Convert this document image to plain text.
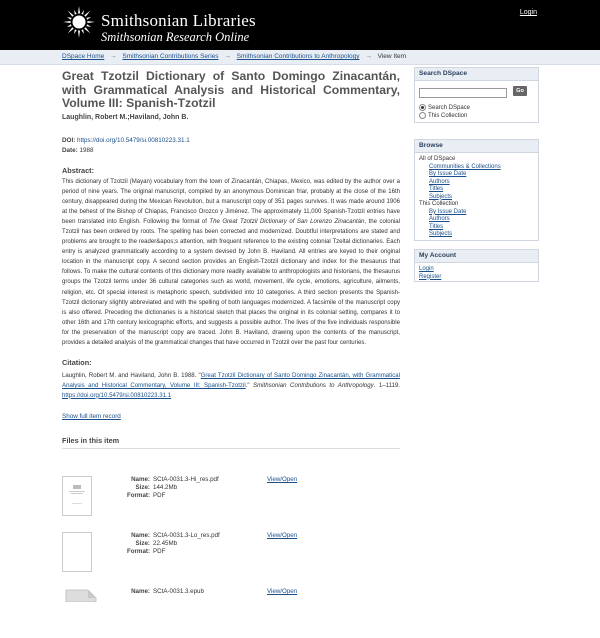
Smithsonian Libraries
Smithsonian Research Online
Login
DSpace Home → Smithsonian Contributions Series → Smithsonian Contributions to Anthropology → View Item
Great Tzotzil Dictionary of Santo Domingo Zinacantán, with Grammatical Analysis and Historical Commentary, Volume III: Spanish-Tzotzil
Laughlin, Robert M.;Haviland, John B.
DOI: https://doi.org/10.5479/si.00810223.31.1
Date: 1988
Abstract:
This dictionary of Tzotzil (Mayan) vocabulary from the town of Zinacantán, Chiapas, Mexico, was edited by the author over a period of nine years. The original manuscript, compiled by an anonymous Dominican friar, probably at the close of the 16th century, disappeared during the Mexican Revolution, but a manuscript copy of 351 pages survives. It was made around 1906 at the behest of the Bishop of Chiapas, Francisco Orozco y Jiménez. The approximately 11,000 Spanish-Tzotzil entries have been translated into English. Following the format of The Great Tzotzil Dictionary of San Lorenzo Zinacantán, the colonial Tzotzil has been ordered by roots. The spelling has been corrected and modernized. Doubtful interpretations are stated and problems are brought to the reader&apos;s attention, with frequent reference to the existing colonial Tzeltal dictionaries. Each entry is analyzed grammatically according to a system devised by John B. Haviland. All entries are keyed to their original location in the manuscript copy. A second section provides an English-Tzotzil dictionary and index for the thesaurus that follows. To make the cultural contents of this dictionary more readily available to anthropologists and historians, the thesaurus groups the Tzotzil terms under 36 cultural categories such as world, movement, life cycle, emotions, agriculture, ailments, religion, etc. Of special interest is metaphoric speech, subdivided into 10 categories. A third section presents the Spanish-Tzotzil dictionary slightly abbreviated and with the spelling of both languages modernized. A facsimile of the manuscript copy is also offered. Preceding the dictionaries is a historical sketch that places the original in its colonial setting, compares it to other 16th and 17th century lexicographic efforts, and suggests a possible author. The lives of the five individuals responsible for the preservation of the manuscript copy are traced. John B. Haviland, drawing upon the contents of the manuscript, provides a detailed analysis of the grammatical changes that have occurred in Tzotzil over the past four centuries.
Citation:
Laughlin, Robert M. and Haviland, John B. 1988. "Great Tzotzil Dictionary of Santo Domingo Zinacantán, with Grammatical Analysis and Historical Commentary, Volume III: Spanish-Tzotzil." Smithsonian Contributions to Anthropology. 1–1119. https://doi.org/10.5479/si.00810223.31.1
Show full item record
Files in this item
Name: SCtA-0031.3-Hi_res.pdf
Size: 144.2Mb
Format: PDF
View/Open
Name: SCtA-0031.3-Lo_res.pdf
Size: 22.45Mb
Format: PDF
View/Open
Name: SCtA-0031.3.epub	View/Open
Search DSpace
Go
Search DSpace
This Collection
Browse
All of DSpace
Communities & Collections
By Issue Date
Authors
Titles
Subjects
This Collection
By Issue Date
Authors
Titles
Subjects
My Account
Login
Register
